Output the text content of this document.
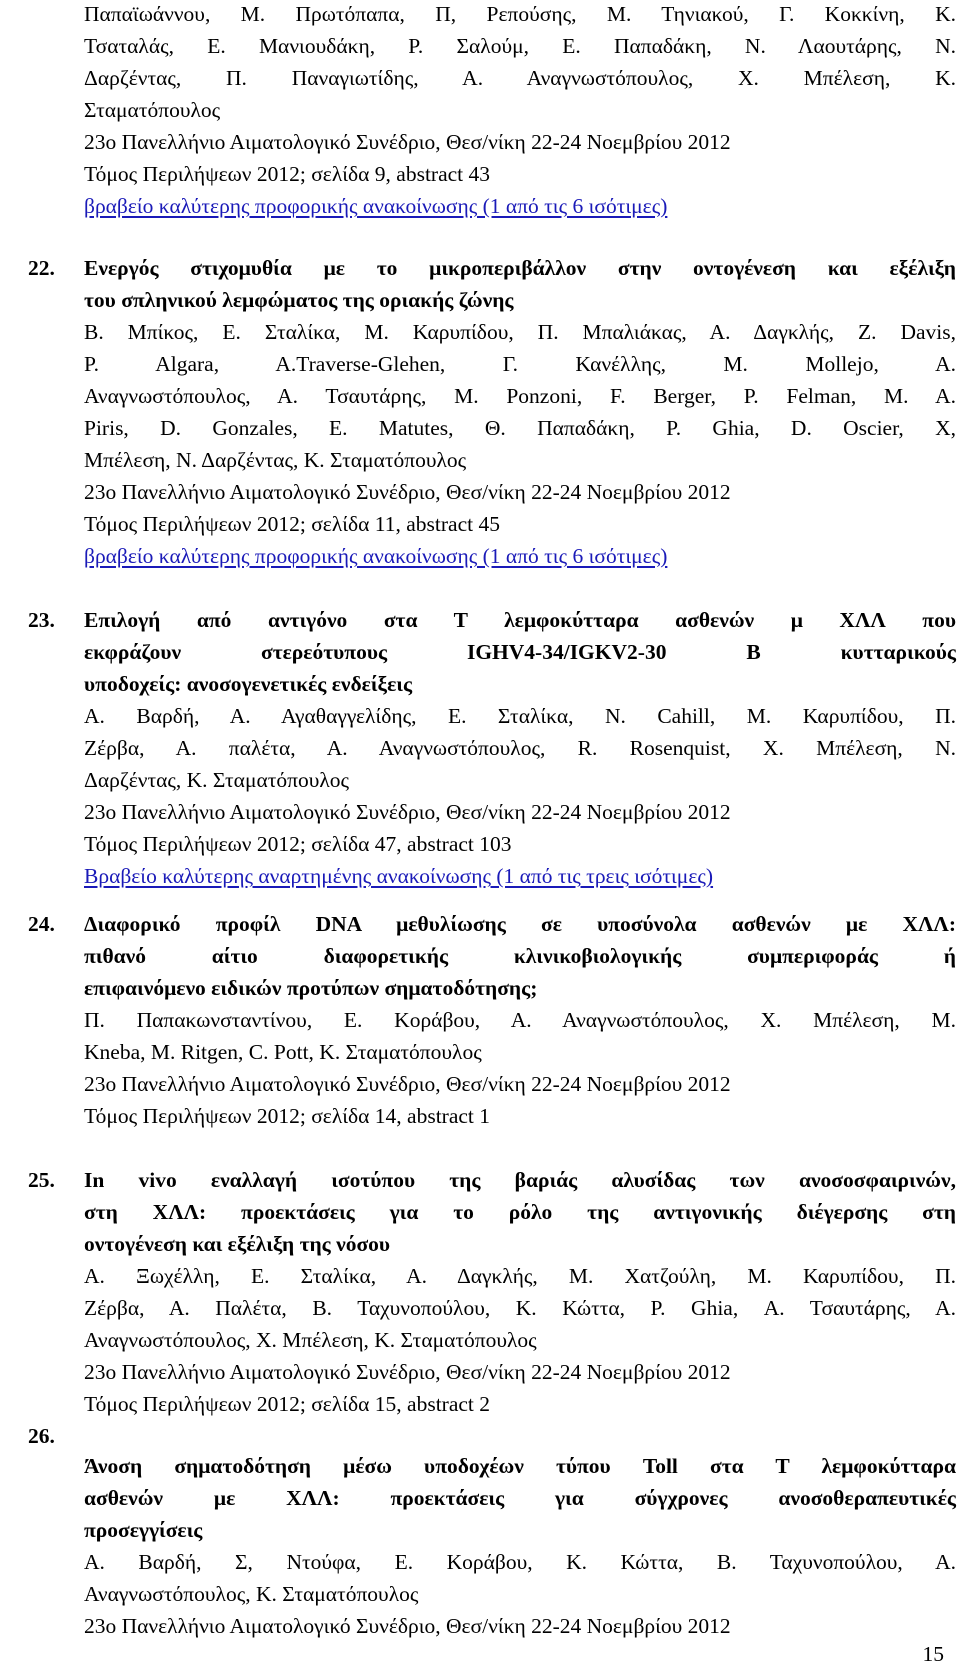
Παπαϊωάννου, Μ. Πρωτόπαπα, Π, Ρεπούσης, Μ. Τηνιακού, Γ. Κοκκίνη, Κ.
Τσαταλάς, Ε. Μανιουδάκη, Ρ. Σαλούμ, Ε. Παπαδάκη, Ν. Λαουτάρης, Ν.
Δαρζέντας, Π. Παναγιωτίδης, Α. Αναγνωστόπουλος, Χ. Μπέλεση, Κ.
Σταματόπουλος
23ο Πανελλήνιο Αιματολογικό Συνέδριο, Θεσ/νίκη 22-24 Νοεμβρίου 2012
Τόμος Περιλήψεων 2012; σελίδα 9, abstract 43
βραβείο καλύτερης προφορικής ανακοίνωσης (1 από τις 6 ισότιμες)
22. Ενεργός στιχομυθία με το μικροπεριβάλλον στην οντογένεση και εξέλιξη
του σπληνικού λεμφώματος της οριακής ζώνης
Β. Μπίκος, Ε. Σταλίκα, Μ. Καρυπίδου, Π. Μπαλιάκας, Α. Δαγκλής, Z. Davis,
P. Algara, A.Traverse-Glehen, Γ. Κανέλλης, M. Mollejo, A.
Αναγνωστόπουλος, Α. Τσαυτάρης, M. Ponzoni, F. Berger, P. Felman, M. A.
Piris, D. Gonzales, E. Matutes, Θ. Παπαδάκη, P. Ghia, D. Oscier, Χ,
Μπέλεση, Ν. Δαρζέντας, Κ. Σταματόπουλος
23ο Πανελλήνιο Αιματολογικό Συνέδριο, Θεσ/νίκη 22-24 Νοεμβρίου 2012
Τόμος Περιλήψεων 2012; σελίδα 11, abstract 45
βραβείο καλύτερης προφορικής ανακοίνωσης (1 από τις 6 ισότιμες)
23. Επιλογή από αντιγόνο στα Τ λεμφοκύτταρα ασθενών μ ΧΛΛ που
εκφράζουν στερεότυπους IGHV4-34/IGKV2-30 Β κυτταρικούς
υποδοχείς: ανοσογενετικές ενδείξεις
Α. Βαρδή, Α. Αγαθαγγελίδης, Ε. Σταλίκα, Ν. Cahill, Μ. Καρυπίδου, Π.
Ζέρβα, Α. παλέτα, Α. Αναγνωστόπουλος, R. Rosenquist, Χ. Μπέλεση, Ν.
Δαρζέντας, Κ. Σταματόπουλος
23ο Πανελλήνιο Αιματολογικό Συνέδριο, Θεσ/νίκη 22-24 Νοεμβρίου 2012
Τόμος Περιλήψεων 2012; σελίδα 47, abstract 103
Βραβείο καλύτερης αναρτημένης ανακοίνωσης (1 από τις τρεις ισότιμες)
24. Διαφορικό προφίλ DNA μεθυλίωσης σε υποσύνολα ασθενών με ΧΛΛ:
πιθανό αίτιο διαφορετικής κλινικοβιολογικής συμπεριφοράς ή
επιφαινόμενο ειδικών προτύπων σηματοδότησης;
Π. Παπακωνσταντίνου, Ε. Κοράβου, Α. Αναγνωστόπουλος, Χ. Μπέλεση, M.
Kneba, M. Ritgen, C. Pott, Κ. Σταματόπουλος
23ο Πανελλήνιο Αιματολογικό Συνέδριο, Θεσ/νίκη 22-24 Νοεμβρίου 2012
Τόμος Περιλήψεων 2012; σελίδα 14, abstract 1
25. In vivo εναλλαγή ισοτύπου της βαριάς αλυσίδας των ανοσοσφαιρινών,
στη ΧΛΛ: προεκτάσεις για το ρόλο της αντιγονικής διέγερσης στη
οντογένεση και εξέλιξη της νόσου
Α. Ξωχέλλη, Ε. Σταλίκα, Α. Δαγκλής, Μ. Χατζούλη, Μ. Καρυπίδου, Π.
Ζέρβα, Α. Παλέτα, Β. Ταχυνοπούλου, Κ. Κώττα, P. Ghia, Α. Τσαυτάρης, Α.
Αναγνωστόπουλος, Χ. Μπέλεση, Κ. Σταματόπουλος
23ο Πανελλήνιο Αιματολογικό Συνέδριο, Θεσ/νίκη 22-24 Νοεμβρίου 2012
Τόμος Περιλήψεων 2012; σελίδα 15, abstract 2
26.
Άνοση σηματοδότηση μέσω υποδοχέων τύπου Toll στα Τ λεμφοκύτταρα
ασθενών με ΧΛΛ: προεκτάσεις για σύγχρονες ανοσοθεραπευτικές
προσεγγίσεις
Α. Βαρδή, Σ, Ντούφα, Ε. Κοράβου, Κ. Κώττα, Β. Ταχυνοπούλου, Α.
Αναγνωστόπουλος, Κ. Σταματόπουλος
23ο Πανελλήνιο Αιματολογικό Συνέδριο, Θεσ/νίκη 22-24 Νοεμβρίου 2012
15
